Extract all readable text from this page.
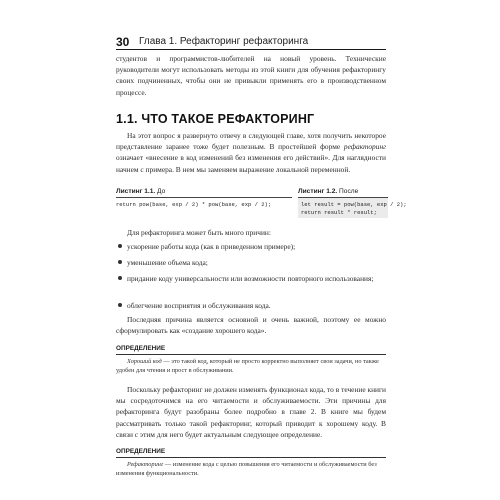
30 Глава 1. Рефакторинг рефакторинга

студентов и программистов-любителей на новый уровень. Технические руководители могут использовать методы из этой книги для обучения рефакторингу своих подчиненных, чтобы они не привыкли применять его в производственном процессе.

1.1. ЧТО ТАКОЕ РЕФАКТОРИНГ

На этот вопрос я развернуто отвечу в следующей главе, хотя получить некоторое представление заранее тоже будет полезным. В простейшей форме рефакторинг означает «внесение в код изменений без изменения его действий». Для наглядности начнем с примера. В нем мы заменяем выражение локальной переменной.

Листинг 1.1. До
return pow(base, exp / 2) * pow(base, exp / 2);
Листинг 1.2. После
let result = pow(base, exp / 2);
return result * result;

Для рефакторинга может быть много причин:

ускорение работы кода (как в приведенном примере);
уменьшение объема кода;
придание коду универсальности или возможности повторного использования;
облегчение восприятия и обслуживания кода.

Последняя причина является основной и очень важной, поэтому ее можно сформулировать как «создание хорошего кода».

ОПРЕДЕЛЕНИЕ

Хороший код — это такой код, который не просто корректно выполняет свои задачи, но также удобен для чтения и прост в обслуживании.

Поскольку рефакторинг не должен изменять функционал кода, то в течение книги мы сосредоточимся на его читаемости и обслуживаемости. Эти причины для рефакторинга будут разобраны более подробно в главе 2. В книге мы будем рассматривать только такой рефакторинг, который приводит к хорошему коду. В связи с этим для него будет актуальным следующее определение.

ОПРЕДЕЛЕНИЕ

Рефакторинг — изменение кода с целью повышения его читаемости и обслуживаемости без изменения функциональности.
